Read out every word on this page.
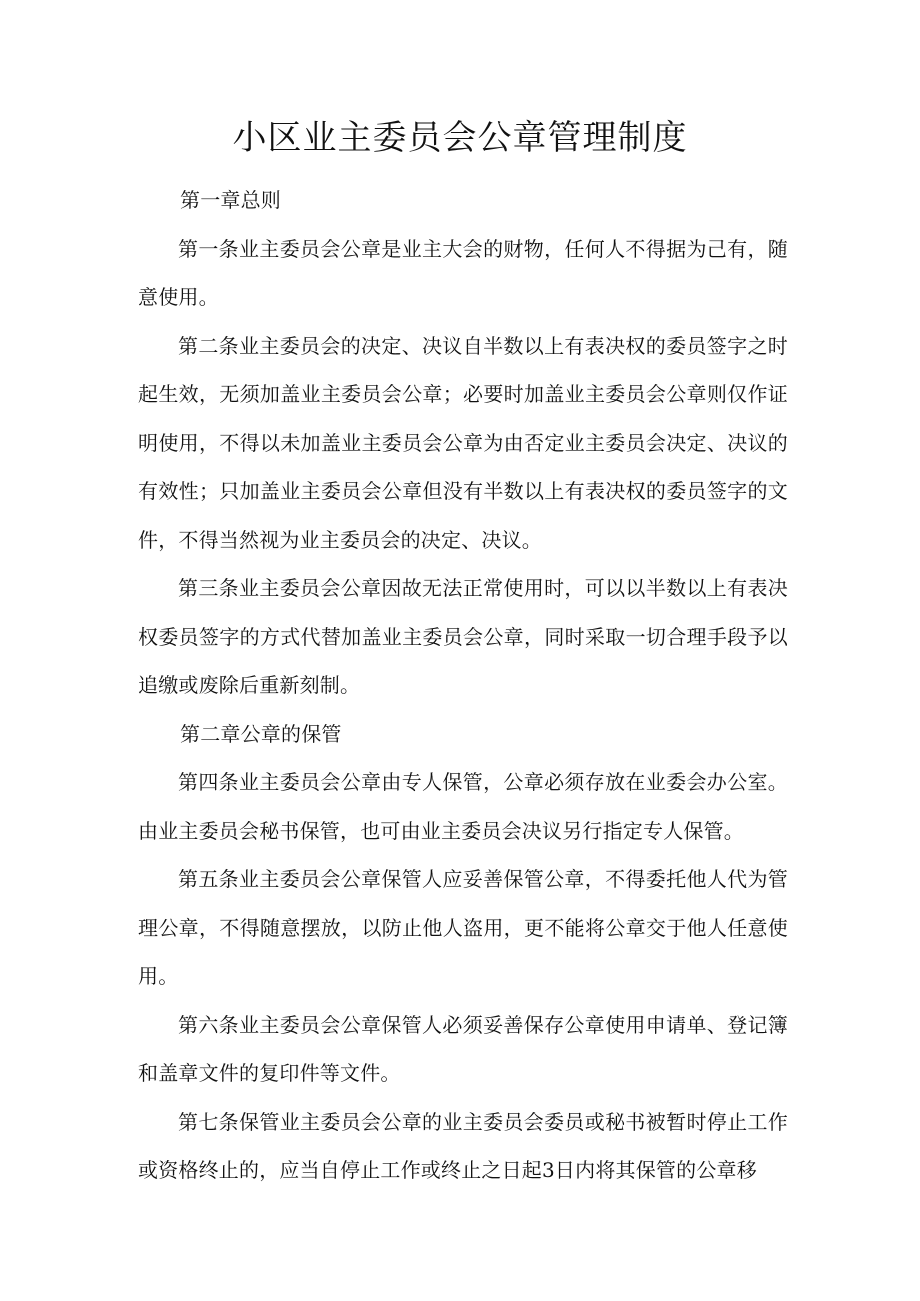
小区业主委员会公章管理制度

第一章总则

第一条业主委员会公章是业主大会的财物，任何人不得据为己有，随意使用。

第二条业主委员会的决定、决议自半数以上有表决权的委员签字之时起生效，无须加盖业主委员会公章；必要时加盖业主委员会公章则仅作证明使用，不得以未加盖业主委员会公章为由否定业主委员会决定、决议的有效性；只加盖业主委员会公章但没有半数以上有表决权的委员签字的文件，不得当然视为业主委员会的决定、决议。

第三条业主委员会公章因故无法正常使用时，可以以半数以上有表决权委员签字的方式代替加盖业主委员会公章，同时采取一切合理手段予以追缴或废除后重新刻制。

第二章公章的保管

第四条业主委员会公章由专人保管，公章必须存放在业委会办公室。由业主委员会秘书保管，也可由业主委员会决议另行指定专人保管。

第五条业主委员会公章保管人应妥善保管公章，不得委托他人代为管理公章，不得随意摆放，以防止他人盗用，更不能将公章交于他人任意使用。

第六条业主委员会公章保管人必须妥善保存公章使用申请单、登记簿和盖章文件的复印件等文件。

第七条保管业主委员会公章的业主委员会委员或秘书被暂时停止工作或资格终止的，应当自停止工作或终止之日起3日内将其保管的公章移
